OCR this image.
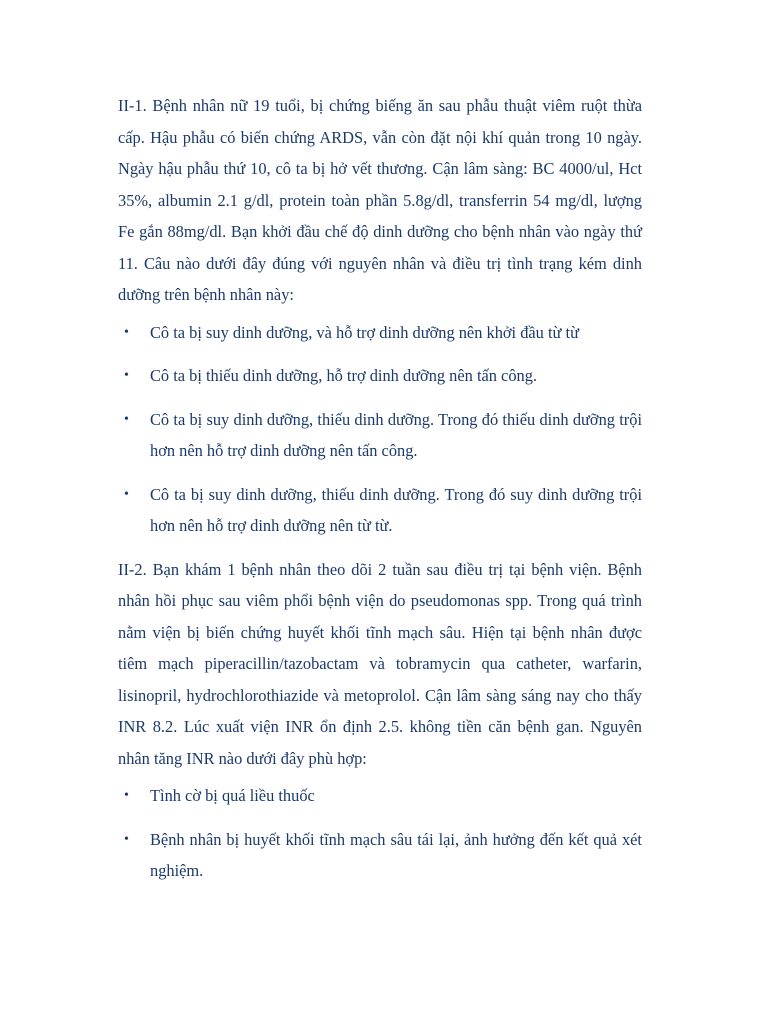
II-1. Bệnh nhân nữ 19 tuổi, bị chứng biếng ăn sau phẫu thuật viêm ruột thừa cấp. Hậu phẫu có biến chứng ARDS, vẫn còn đặt nội khí quản trong 10 ngày. Ngày hậu phẫu thứ 10, cô ta bị hở vết thương. Cận lâm sàng: BC 4000/ul, Hct 35%, albumin 2.1 g/dl, protein toàn phần 5.8g/dl, transferrin 54 mg/dl, lượng Fe gắn 88mg/dl. Bạn khởi đầu chế độ dinh dưỡng cho bệnh nhân vào ngày thứ 11. Câu nào dưới đây đúng với nguyên nhân và điều trị tình trạng kém dinh dưỡng trên bệnh nhân này:

• Cô ta bị suy dinh dưỡng, và hỗ trợ dinh dưỡng nên khởi đầu từ từ
• Cô ta bị thiếu dinh dưỡng, hỗ trợ dinh dưỡng nên tấn công.
• Cô ta bị suy dinh dưỡng, thiếu dinh dưỡng. Trong đó thiếu dinh dưỡng trội hơn nên hỗ trợ dinh dưỡng nên tấn công.
• Cô ta bị suy dinh dưỡng, thiếu dinh dưỡng. Trong đó suy dinh dưỡng trội hơn nên hỗ trợ dinh dưỡng nên từ từ.

II-2. Bạn khám 1 bệnh nhân theo dõi 2 tuần sau điều trị tại bệnh viện. Bệnh nhân hồi phục sau viêm phổi bệnh viện do pseudomonas spp. Trong quá trình nằm viện bị biến chứng huyết khối tĩnh mạch sâu. Hiện tại bệnh nhân được tiêm mạch piperacillin/tazobactam và tobramycin qua catheter, warfarin, lisinopril, hydrochlorothiazide và metoprolol. Cận lâm sàng sáng nay cho thấy INR 8.2. Lúc xuất viện INR ổn định 2.5. không tiền căn bệnh gan. Nguyên nhân tăng INR nào dưới đây phù hợp:

• Tình cờ bị quá liều thuốc
• Bệnh nhân bị huyết khối tĩnh mạch sâu tái lại, ảnh hưởng đến kết quả xét nghiệm.
